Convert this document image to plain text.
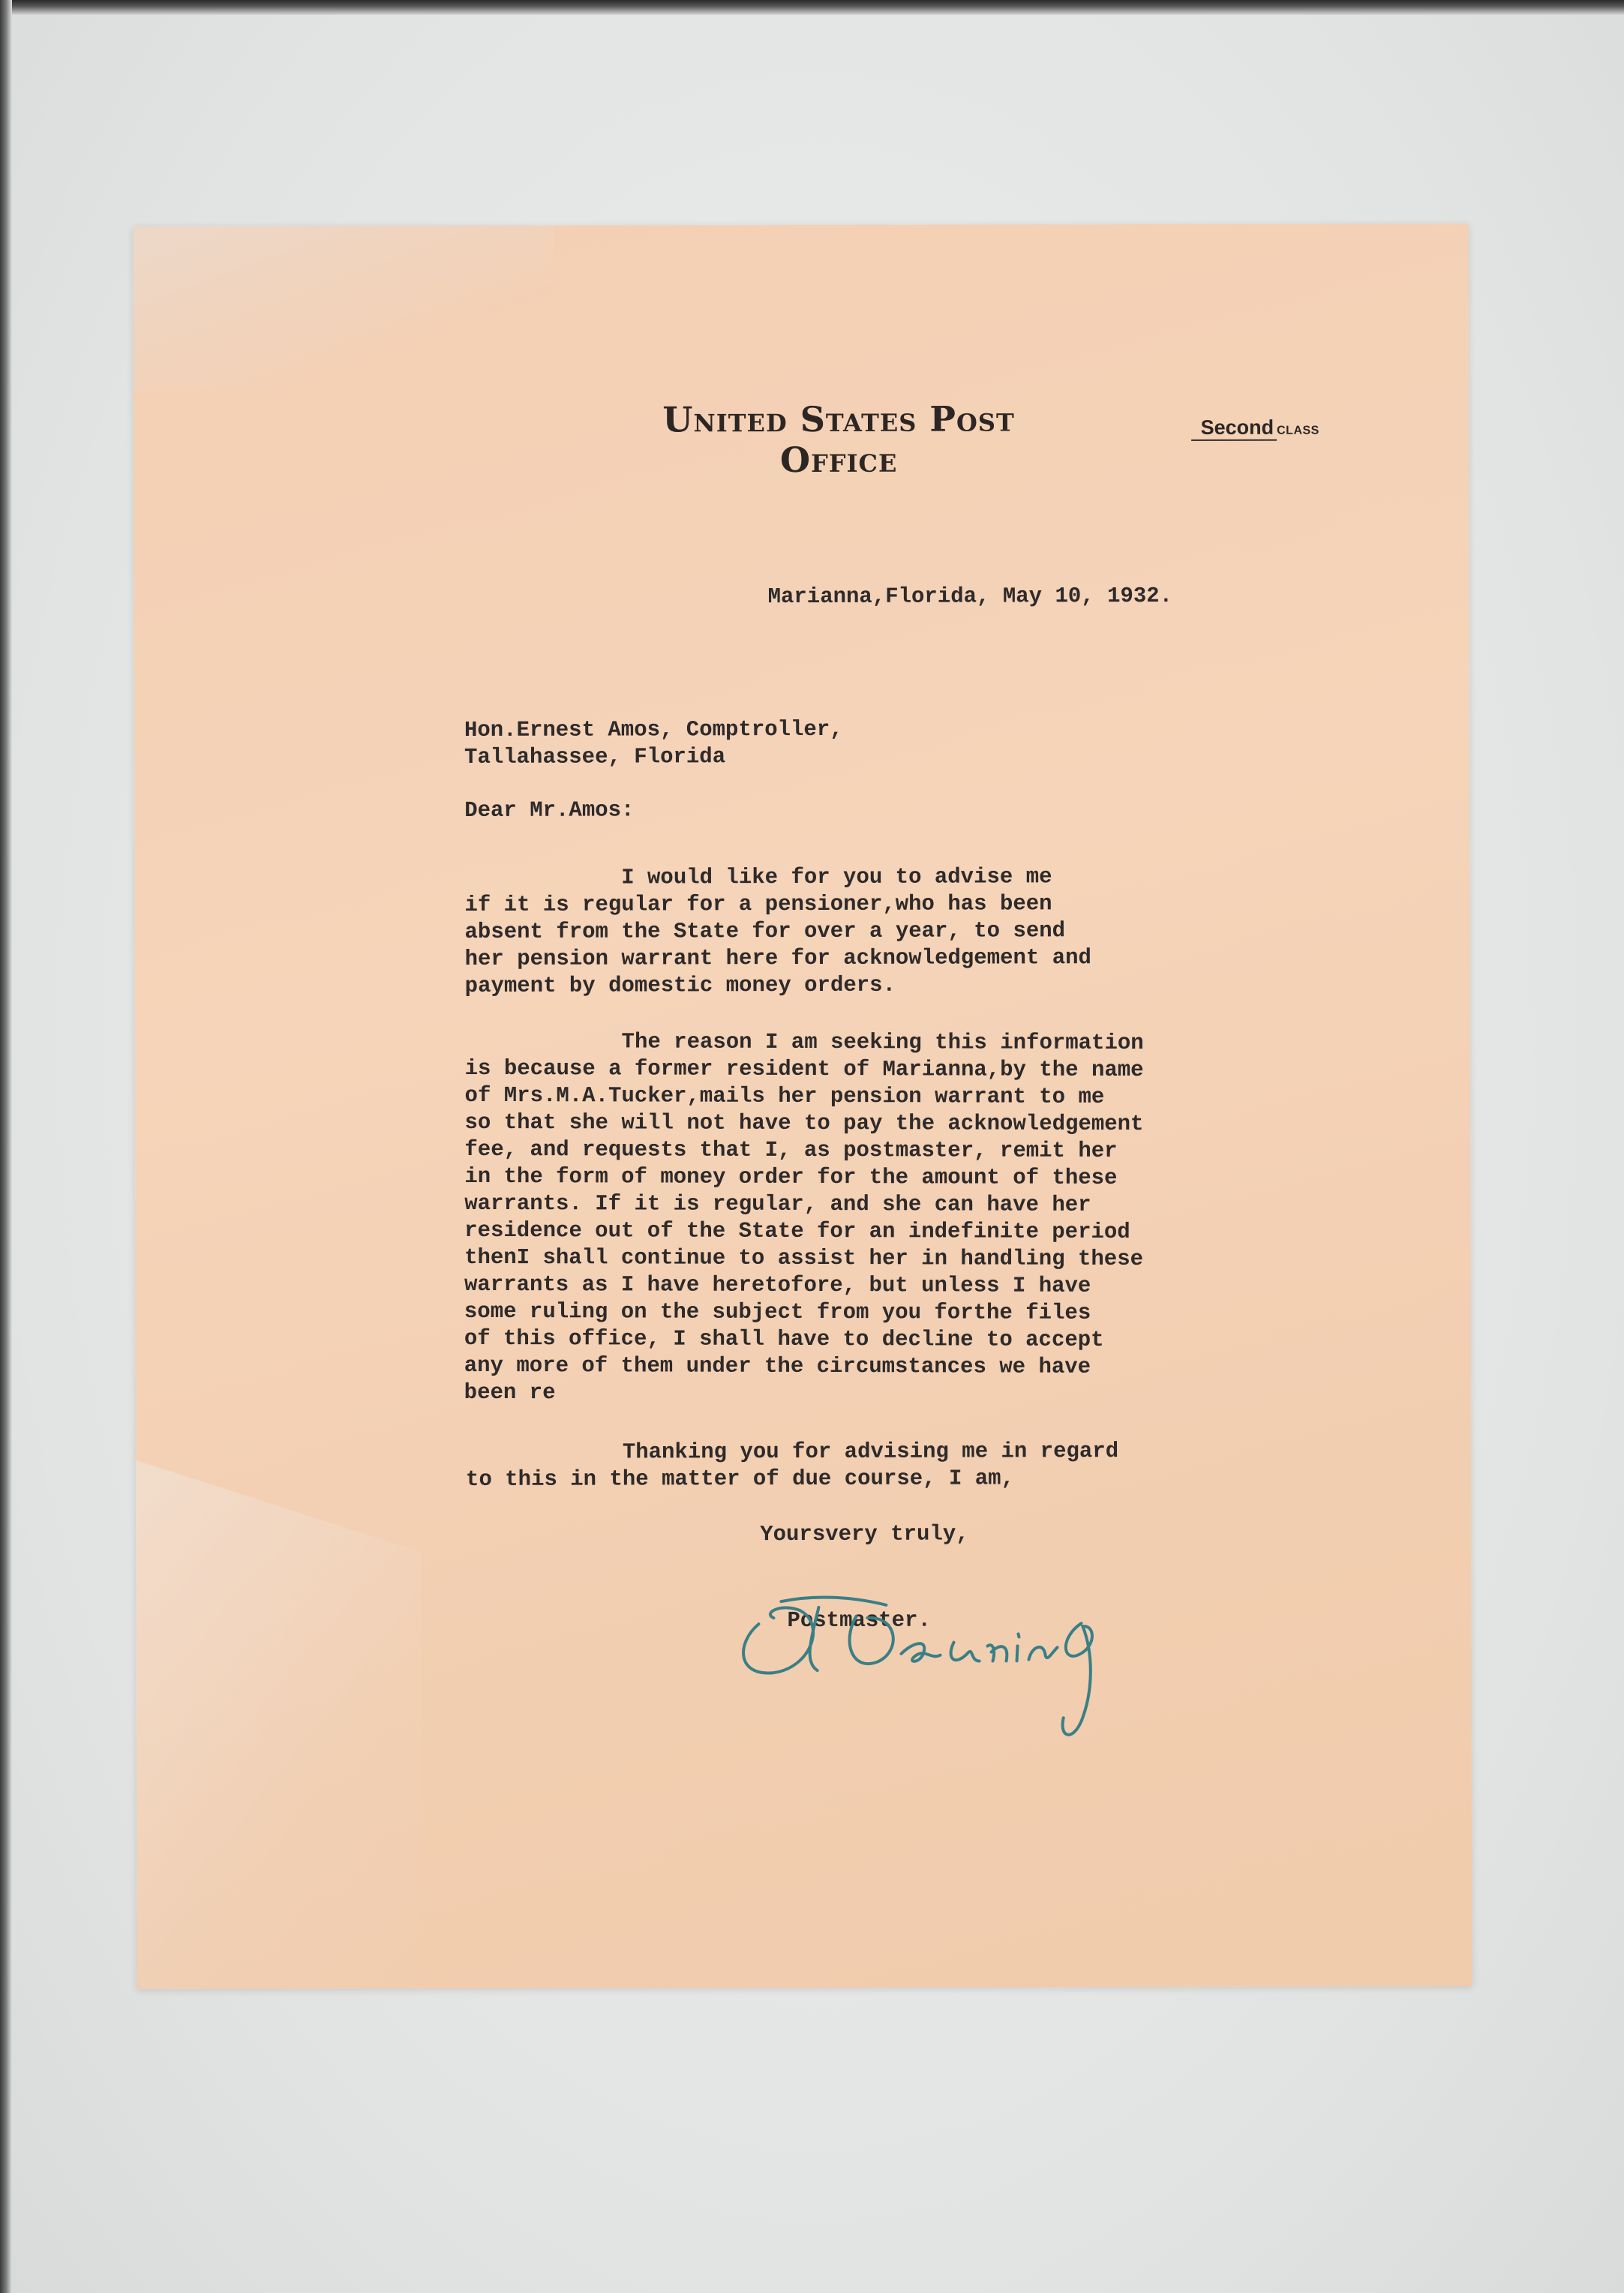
United States Post Office
Second CLASS
Marianna,Florida, May 10, 1932.
Hon.Ernest Amos, Comptroller,
Tallahassee, Florida
Dear Mr.Amos:
I would like for you to advise me
if it is regular for a pensioner,who has been
absent from the State for over a year, to send
her pension warrant here for acknowledgement and
payment by domestic money orders.
The reason I am seeking this information
is because a former resident of Marianna,by the name
of Mrs.M.A.Tucker,mails her pension warrant to me
so that she will not have to pay the acknowledgement
fee, and requests that I, as postmaster, remit her
in the form of money order for the amount of these
warrants. If it is regular, and she can have her
residence out of the State for an indefinite period
thenI shall continue to assist her in handling these
warrants as I have heretofore, but unless I have
some ruling on the subject from you forthe files
of this office, I shall have to decline to accept
any more of them under the circumstances we have
been re
Thanking you for advising me in regard
to this in the matter of due course, I am,
Yoursvery truly,
Postmaster.
T.J.Dearing
